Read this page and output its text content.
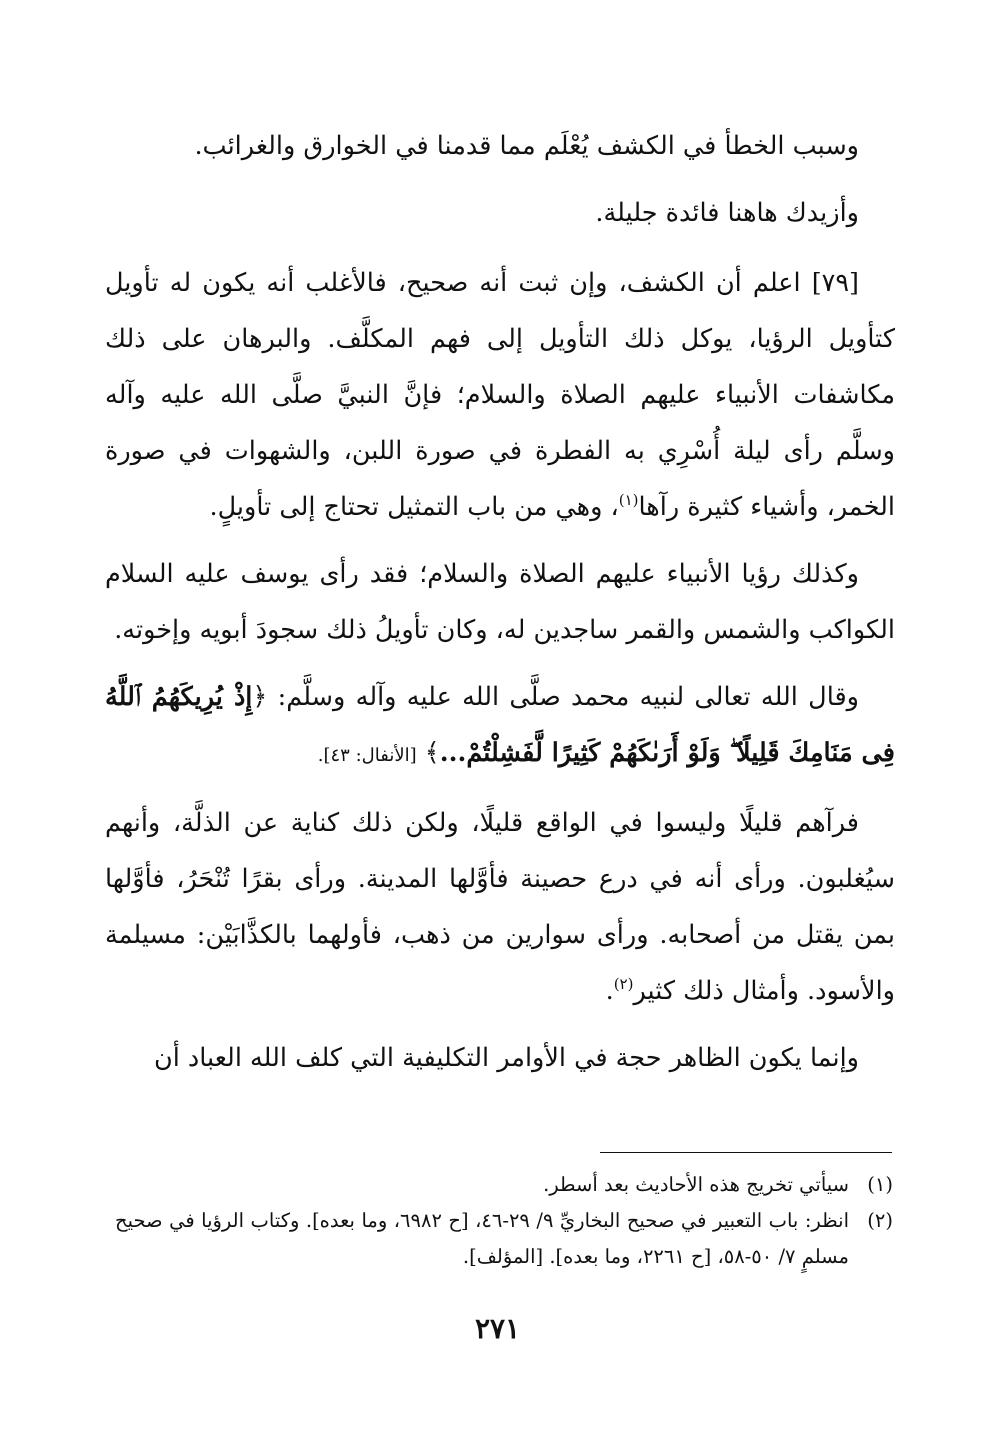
وسبب الخطأ في الكشف يُعْلَم مما قدمنا في الخوارق والغرائب.

وأزيدك هاهنا فائدة جليلة.

[٧٩] اعلم أن الكشف، وإن ثبت أنه صحيح، فالأغلب أنه يكون له تأويل كتأويل الرؤيا، يوكل ذلك التأويل إلى فهم المكلَّف. والبرهان على ذلك مكاشفات الأنبياء عليهم الصلاة والسلام؛ فإنَّ النبيَّ صلَّى الله عليه وآله وسلَّم رأى ليلة أُسْرِي به الفطرة في صورة اللبن، والشهوات في صورة الخمر، وأشياء كثيرة رآها$^{(١)}$، وهي من باب التمثيل تحتاج إلى تأويلٍ.

وكذلك رؤيا الأنبياء عليهم الصلاة والسلام؛ فقد رأى يوسف عليه السلام الكواكب والشمس والقمر ساجدين له، وكان تأويلُ ذلك سجودَ أبويه وإخوته.

وقال الله تعالى لنبيه محمد صلَّى الله عليه وآله وسلَّم: ﴿إِذْ يُرِيكَهُمُ ٱللَّهُ فِى مَنَامِكَ قَلِيلًا ۖ وَلَوْ أَرَىٰكَهُمْ كَثِيرًا لَّفَشِلْتُمْ...﴾ [الأنفال: ٤٣].

فرآهم قليلًا وليسوا في الواقع قليلًا، ولكن ذلك كناية عن الذلَّة، وأنهم سيُغلبون. ورأى أنه في درع حصينة فأوَّلها المدينة. ورأى بقرًا تُنْحَرُ، فأوَّلها بمن يقتل من أصحابه. ورأى سوارين من ذهب، فأولهما بالكذَّابَيْن: مسيلمة والأسود. وأمثال ذلك كثير$^{(٢)}$.

وإنما يكون الظاهر حجة في الأوامر التكليفية التي كلف الله العباد أن

(١)
سيأتي تخريج هذه الأحاديث بعد أسطر.
(٢)
انظر: باب التعبير في صحيح البخاريِّ ٩/ ٢٩-٤٦، [ح ٦٩٨٢، وما بعده]. وكتاب الرؤيا في صحيح مسلمٍ ٧/ ٥٠-٥٨، [ح ٢٢٦١، وما بعده]. [المؤلف].
٢٧١
